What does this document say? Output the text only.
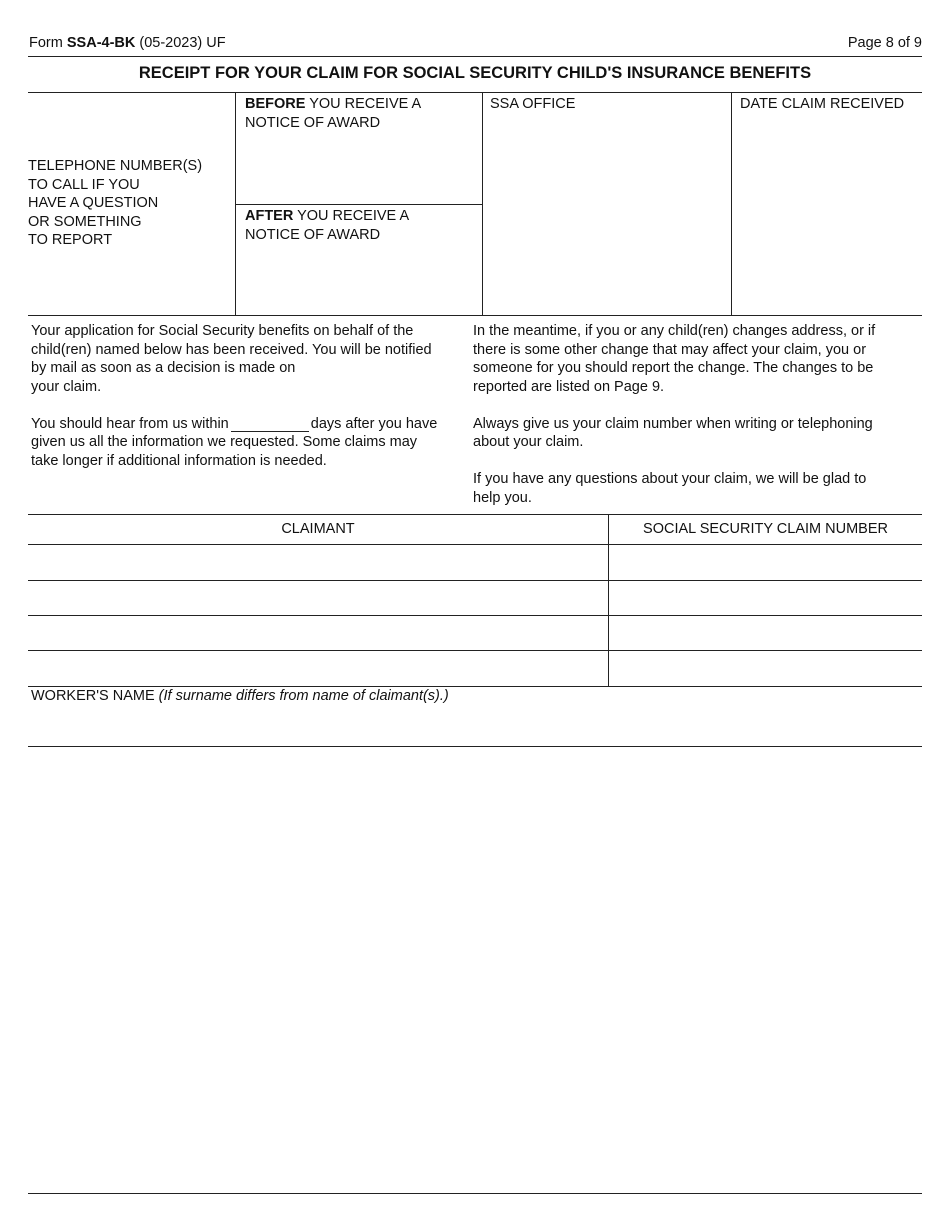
Form SSA-4-BK (05-2023) UF	Page 8 of 9
RECEIPT FOR YOUR CLAIM FOR SOCIAL SECURITY CHILD'S INSURANCE BENEFITS
TELEPHONE NUMBER(S)
TO CALL IF YOU
HAVE A QUESTION
OR SOMETHING
TO REPORT
BEFORE YOU RECEIVE A
NOTICE OF AWARD
AFTER YOU RECEIVE A
NOTICE OF AWARD
SSA OFFICE	DATE CLAIM RECEIVED
Your application for Social Security benefits on behalf of the
child(ren) named below has been received. You will be notified
by mail as soon as a decision is made on
your claim.
You should hear from us within	days after you have
given us all the information we requested. Some claims may
take longer if additional information is needed.
In the meantime, if you or any child(ren) changes address, or if
there is some other change that may affect your claim, you or
someone for you should report the change. The changes to be
reported are listed on Page 9.
Always give us your claim number when writing or telephoning
about your claim.
If you have any questions about your claim, we will be glad to
help you.
CLAIMANT	SOCIAL SECURITY CLAIM NUMBER
WORKER'S NAME (If surname differs from name of claimant(s).)
